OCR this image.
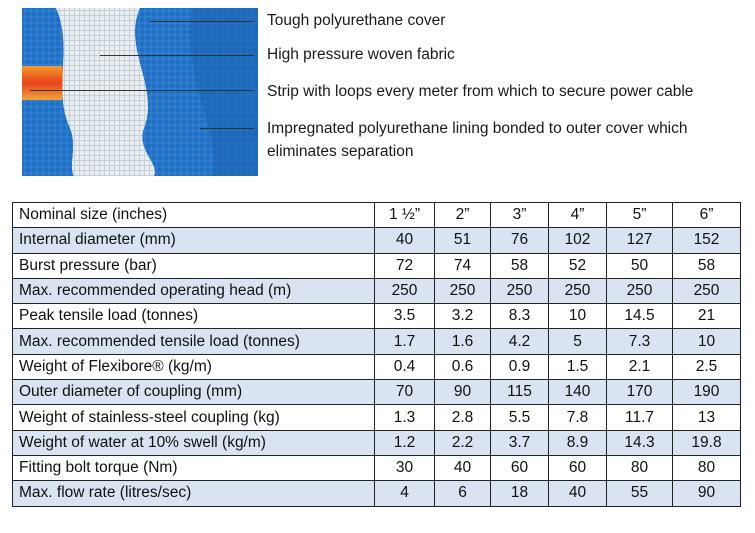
Tough polyurethane cover
High pressure woven fabric
Strip with loops every meter from which to secure power cable
Impregnated polyurethane lining bonded to outer cover which
eliminates separation
Nominal size (inches)	1 ½”	2”	3”	4”	5”	6”
Internal diameter (mm)	40	51	76	102	127	152
Burst pressure (bar)	72	74	58	52	50	58
Max. recommended operating head (m)	250	250	250	250	250	250
Peak tensile load (tonnes)	3.5	3.2	8.3	10	14.5	21
Max. recommended tensile load (tonnes)	1.7	1.6	4.2	5	7.3	10
Weight of Flexibore® (kg/m)	0.4	0.6	0.9	1.5	2.1	2.5
Outer diameter of coupling (mm)	70	90	115	140	170	190
Weight of stainless-steel coupling (kg)	1.3	2.8	5.5	7.8	11.7	13
Weight of water at 10% swell (kg/m)	1.2	2.2	3.7	8.9	14.3	19.8
Fitting bolt torque (Nm)	30	40	60	60	80	80
Max. flow rate (litres/sec)	4	6	18	40	55	90
